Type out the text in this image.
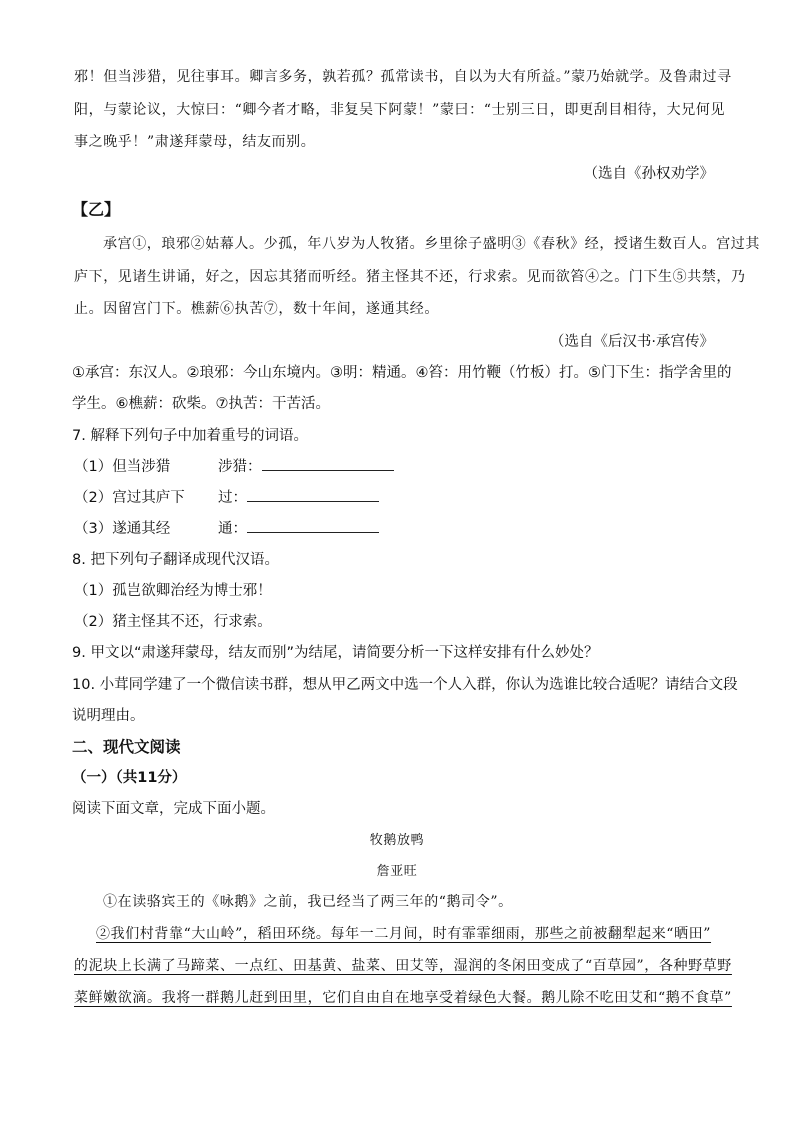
邪！但当涉猎，见往事耳。卿言多务，孰若孤？孤常读书，自以为大有所益。”蒙乃始就学。及鲁肃过寻
阳，与蒙论议，大惊曰：“卿今者才略，非复吴下阿蒙！”蒙曰：“士别三日，即更刮目相待，大兄何见
事之晚乎！”肃遂拜蒙母，结友而别。
（选自《孙权劝学》
【乙】
承宫①，琅邪②姑幕人。少孤，年八岁为人牧猪。乡里徐子盛明③《春秋》经，授诸生数百人。宫过其
庐下，见诸生讲诵，好之，因忘其猪而听经。猪主怪其不还，行求索。见而欲笞④之。门下生⑤共禁，乃
止。因留宫门下。樵薪⑥执苦⑦，数十年间，遂通其经。
（选自《后汉书·承宫传》
①承宫：东汉人。②琅邪：今山东境内。③明：精通。④笞：用竹鞭（竹板）打。⑤门下生：指学舍里的
学生。⑥樵薪：砍柴。⑦执苦：干苦活。
7. 解释下列句子中加着重号的词语。
（1）但当涉猎	涉猎：
（2）宫过其庐下 过：
（3）遂通其经	通：
8. 把下列句子翻译成现代汉语。
（1）孤岂欲卿治经为博士邪！
（2）猪主怪其不还，行求索。
9. 甲文以“肃遂拜蒙母，结友而别”为结尾，请简要分析一下这样安排有什么妙处？
10. 小茸同学建了一个微信读书群，想从甲乙两文中选一个人入群，你认为选谁比较合适呢？请结合文段
说明理由。
二、现代文阅读
（一）（共11分）
阅读下面文章，完成下面小题。
牧鹅放鸭
詹亚旺
①在读骆宾王的《咏鹅》之前，我已经当了两三年的“鹅司令”。
②我们村背靠“大山岭”，稻田环绕。每年一二月间，时有霏霏细雨，那些之前被翻犁起来“晒田”
的泥块上长满了马蹄菜、一点红、田基黄、盐菜、田艾等，湿润的冬闲田变成了“百草园”，各种野草野
菜鲜嫩欲滴。我将一群鹅儿赶到田里，它们自由自在地享受着绿色大餐。鹅儿除不吃田艾和“鹅不食草”
